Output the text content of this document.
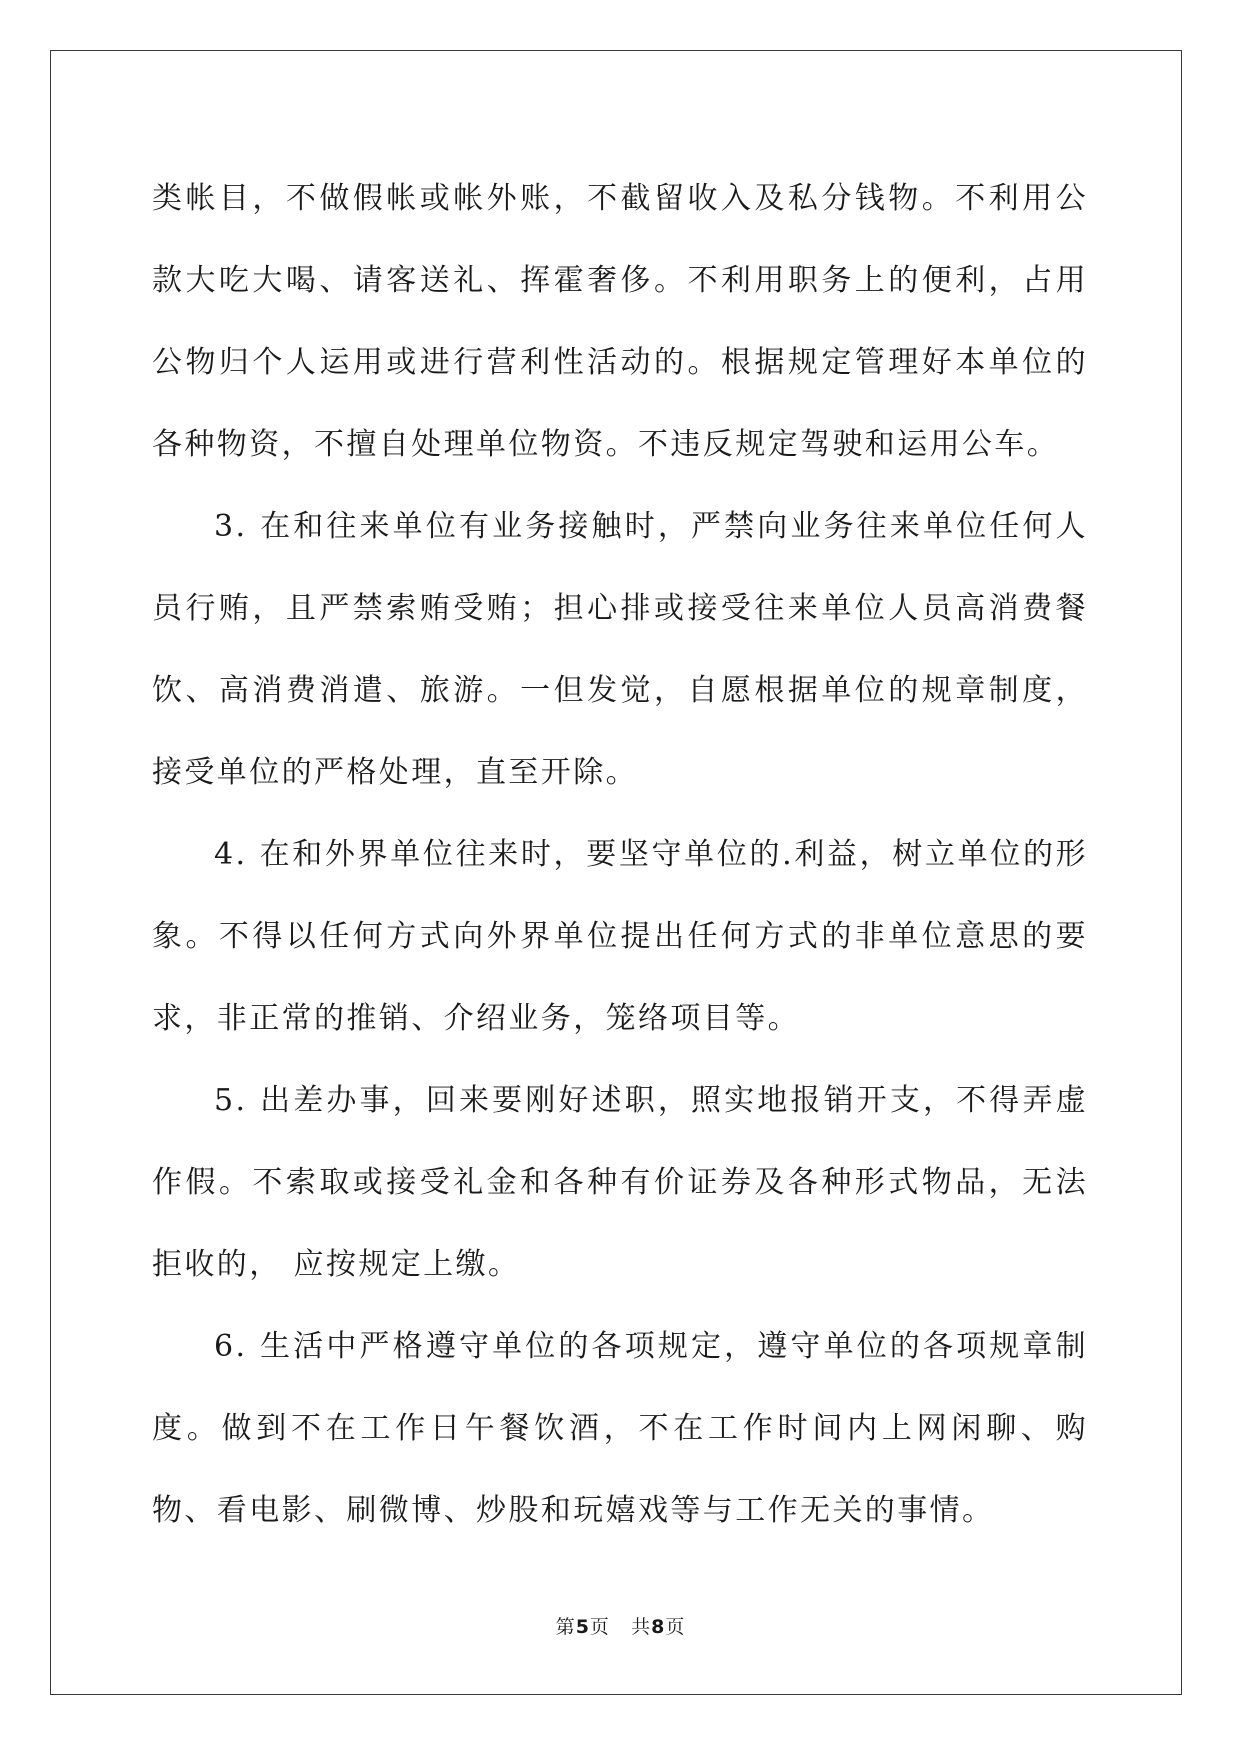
类帐目，不做假帐或帐外账，不截留收入及私分钱物。不利用公款大吃大喝、请客送礼、挥霍奢侈。不利用职务上的便利，占用公物归个人运用或进行营利性活动的。根据规定管理好本单位的各种物资，不擅自处理单位物资。不违反规定驾驶和运用公车。

3. 在和往来单位有业务接触时，严禁向业务往来单位任何人员行贿，且严禁索贿受贿；担心排或接受往来单位人员高消费餐饮、高消费消遣、旅游。一但发觉，自愿根据单位的规章制度，接受单位的严格处理，直至开除。

4. 在和外界单位往来时，要坚守单位的.利益，树立单位的形象。不得以任何方式向外界单位提出任何方式的非单位意思的要求，非正常的推销、介绍业务，笼络项目等。

5. 出差办事，回来要刚好述职，照实地报销开支，不得弄虚作假。不索取或接受礼金和各种有价证券及各种形式物品，无法拒收的， 应按规定上缴。

6. 生活中严格遵守单位的各项规定，遵守单位的各项规章制度。做到不在工作日午餐饮酒，不在工作时间内上网闲聊、购物、看电影、刷微博、炒股和玩嬉戏等与工作无关的事情。

第5页 共8页
